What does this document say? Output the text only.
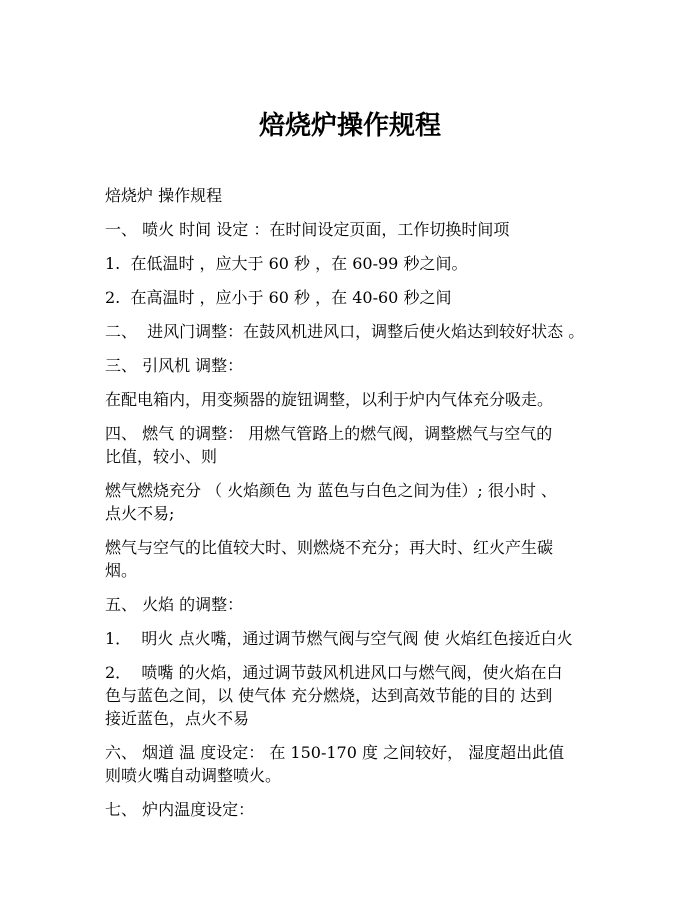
焙烧炉操作规程

焙烧炉 操作规程

一、 喷火 时间 设定 ：在时间设定页面，工作切换时间项

1.  在低温时 ，应大于 60 秒 ，在 60-99 秒之间。

2.  在高温时 ，应小于 60 秒 ，在 40-60 秒之间

二、  进风门调整：在鼓风机进风口，调整后使火焰达到较好状态 。

三、 引风机 调整：

在配电箱内，用变频器的旋钮调整，以利于炉内气体充分吸走。

四、 燃气 的调整： 用燃气管路上的燃气阀，调整燃气与空气的
比值，较小、则

燃气燃烧充分 （ 火焰颜色 为 蓝色与白色之间为佳）; 很小时 、
点火不易;

燃气与空气的比值较大时、则燃烧不充分；再大时、红火产生碳
烟。

五、 火焰 的调整：

1．  明火 点火嘴，通过调节燃气阀与空气阀 使 火焰红色接近白火

2．  喷嘴 的火焰，通过调节鼓风机进风口与燃气阀，使火焰在白
色与蓝色之间，以 使气体 充分燃烧，达到高效节能的目的 达到
接近蓝色，点火不易

六、 烟道 温 度设定： 在 150-170 度 之间较好， 湿度超出此值
则喷火嘴自动调整喷火。

七、 炉内温度设定：
